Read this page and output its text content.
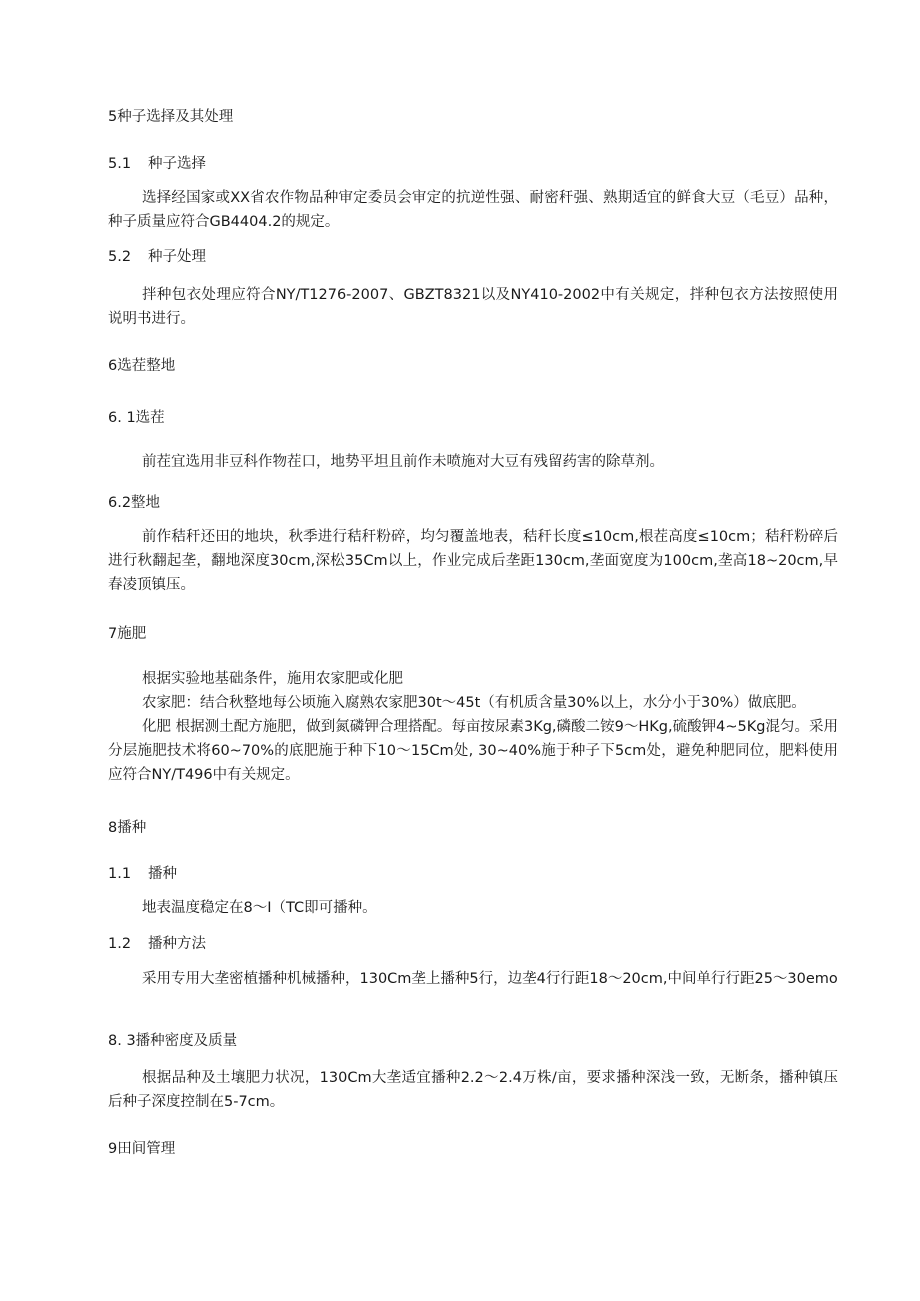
5种子选择及其处理

5.1 种子选择

选择经国家或XX省农作物品种审定委员会审定的抗逆性强、耐密秆强、熟期适宜的鲜食大豆（毛豆）品种，种子质量应符合GB4404.2的规定。

5.2 种子处理

拌种包衣处理应符合NY/T1276-2007、GBZT8321以及NY410-2002中有关规定，拌种包衣方法按照使用说明书进行。

6选茬整地

6. 1选茬

前茬宜选用非豆科作物茬口，地势平坦且前作未喷施对大豆有残留药害的除草剂。

6.2整地

前作秸秆还田的地块，秋季进行秸秆粉碎，均匀覆盖地表，秸秆长度≤10cm,根茬高度≤10cm；秸秆粉碎后进行秋翻起垄，翻地深度30cm,深松35Cm以上，作业完成后垄距130cm,垄面宽度为100cm,垄高18~20cm,早春凌顶镇压。

7施肥

根据实验地基础条件，施用农家肥或化肥

农家肥：结合秋整地每公顷施入腐熟农家肥30t～45t（有机质含量30%以上，水分小于30%）做底肥。

化肥 根据测土配方施肥，做到氮磷钾合理搭配。每亩按尿素3Kg,磷酸二铵9～HKg,硫酸钾4~5Kg混匀。采用分层施肥技术将60~70%的底肥施于种下10～15Cm处, 30~40%施于种子下5cm处，避免种肥同位，肥料使用应符合NY/T496中有关规定。

8播种

1.1 播种

地表温度稳定在8～I（TC即可播种。

1.2 播种方法

采用专用大垄密植播种机械播种，130Cm垄上播种5行，边垄4行行距18～20cm,中间单行行距25～30emo

8. 3播种密度及质量

根据品种及土壤肥力状况，130Cm大垄适宜播种2.2～2.4万株/亩，要求播种深浅一致，无断条，播种镇压后种子深度控制在5-7cm。

9田间管理
